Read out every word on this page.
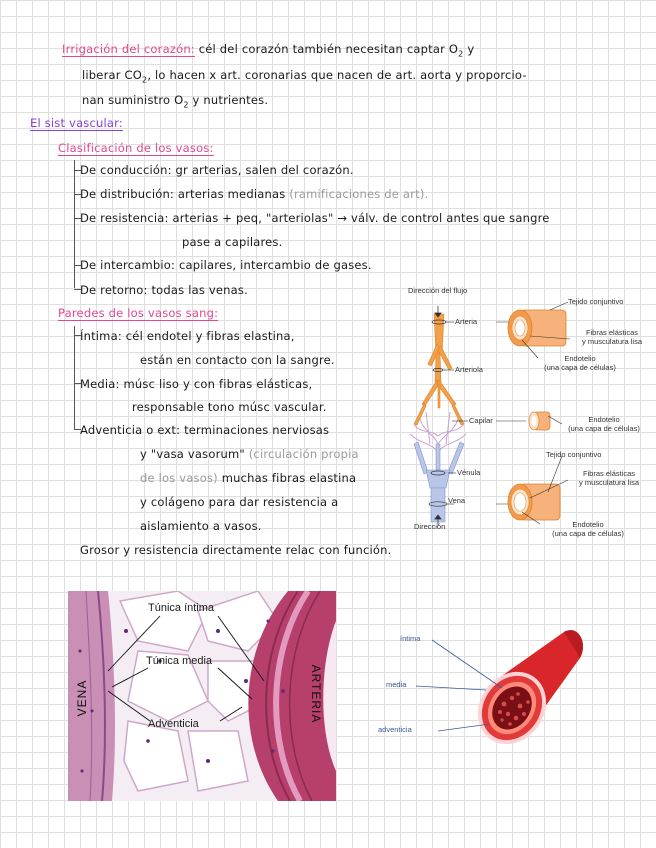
Irrigación del corazón: cél del corazón también necesitan captar $O_2$ y
liberar $CO_2$, lo hacen x art. coronarias que nacen de art. aorta y proporcio-
nan suministro $O_2$ y nutrientes.
El sist vascular:
Clasificación de los vasos:
De conducción: gr arterias, salen del corazón.
De distribución: arterias medianas (ramificaciones de art).
De resistencia: arterias + peq, "arteriolas" → válv. de control antes que sangre
pase a capilares.
De intercambio: capilares, intercambio de gases.
De retorno: todas las venas.
Paredes de los vasos sang:
Íntima: cél endotel y fibras elastina,
están en contacto con la sangre.
Media: músc liso y con fibras elásticas,
responsable tono músc vascular.
Adventicia o ext: terminaciones nerviosas
y "vasa vasorum" (circulación propia
de los vasos) muchas fibras elastina
y colágeno para dar resistencia a
aislamiento a vasos.
Grosor y resistencia directamente relac con función.
Dirección del flujo
Arteria
Arteriola
Capilar
Vénula
Vena
Dirección
Tejido conjuntivo
Fibras elásticas
y musculatura lisa
Endotelio
(una capa de células)
Endotelio
(una capa de células)
Tejido conjuntivo
Fibras elásticas
y musculatura lisa
Endotelio
(una capa de células)
Túnica íntima
Túnica media
Adventicia
VENA	ARTERIA
íntima
media
adventicia
